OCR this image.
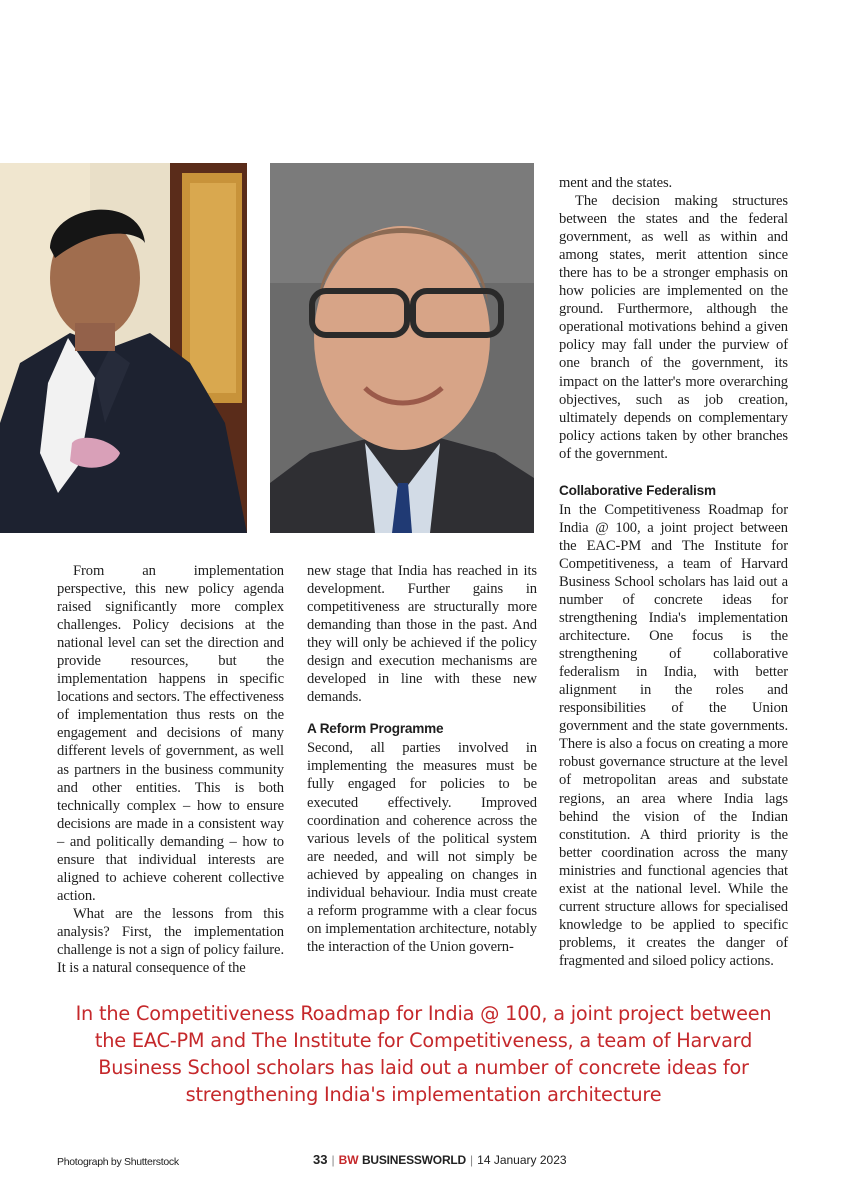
From an implementation perspective, this new policy agenda raised significantly more complex challenges. Policy decisions at the national level can set the direction and provide resources, but the implementation happens in specific locations and sectors. The effectiveness of implementation thus rests on the engagement and decisions of many different levels of government, as well as partners in the business community and other entities. This is both technically complex – how to ensure decisions are made in a consistent way – and politically demanding – how to ensure that individual interests are aligned to achieve coherent collective action.

What are the lessons from this analysis? First, the implementation challenge is not a sign of policy failure. It is a natural consequence of the

new stage that India has reached in its development. Further gains in competitiveness are structurally more demanding than those in the past. And they will only be achieved if the policy design and execution mechanisms are developed in line with these new demands.

A Reform Programme

Second, all parties involved in implementing the measures must be fully engaged for policies to be executed effectively. Improved coordination and coherence across the various levels of the political system are needed, and will not simply be achieved by appealing on changes in individual behaviour. India must create a reform programme with a clear focus on implementation architecture, notably the interaction of the Union govern-

ment and the states.

The decision making structures between the states and the federal government, as well as within and among states, merit attention since there has to be a stronger emphasis on how policies are implemented on the ground. Furthermore, although the operational motivations behind a given policy may fall under the purview of one branch of the government, its impact on the latter's more overarching objectives, such as job creation, ultimately depends on complementary policy actions taken by other branches of the government.

Collaborative Federalism

In the Competitiveness Roadmap for India @ 100, a joint project between the EAC-PM and The Institute for Competitiveness, a team of Harvard Business School scholars has laid out a number of concrete ideas for strengthening India's implementation architecture. One focus is the strengthening of collaborative federalism in India, with better alignment in the roles and responsibilities of the Union government and the state governments. There is also a focus on creating a more robust governance structure at the level of metropolitan areas and substate regions, an area where India lags behind the vision of the Indian constitution. A third priority is the better coordination across the many ministries and functional agencies that exist at the national level. While the current structure allows for specialised knowledge to be applied to specific problems, it creates the danger of fragmented and siloed policy actions.

In the Competitiveness Roadmap for India @ 100, a joint project between the EAC-PM and The Institute for Competitiveness, a team of Harvard Business School scholars has laid out a number of concrete ideas for strengthening India's implementation architecture
Photograph by Shutterstock	33 | BW BUSINESSWORLD | 14 January 2023
